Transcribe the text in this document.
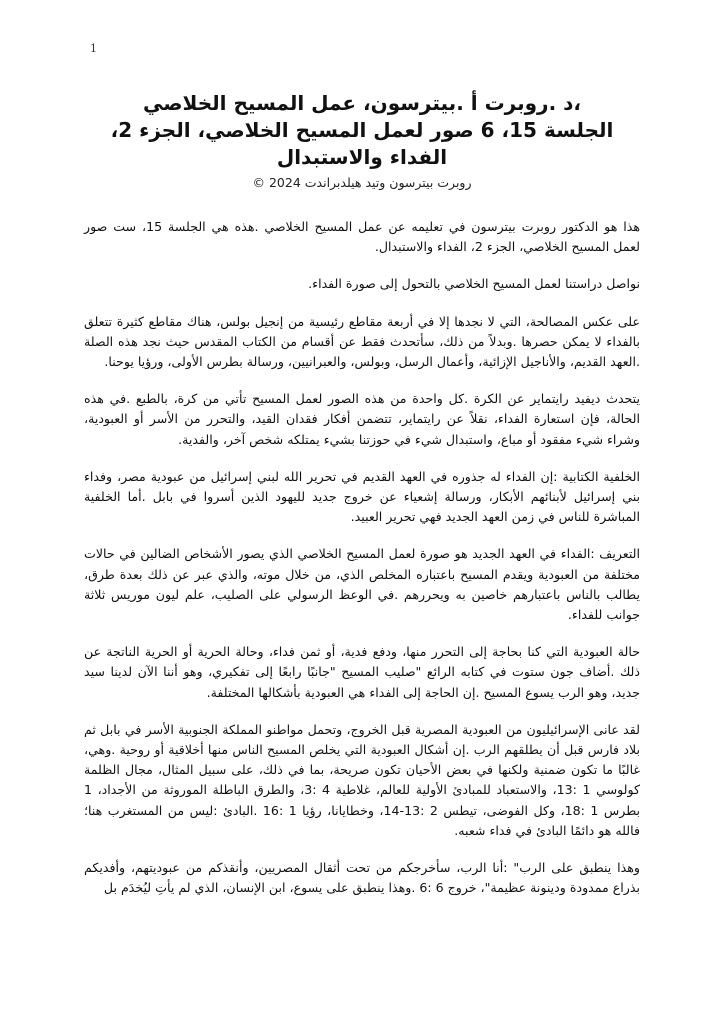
1
،د .روبرت أ .بيترسون، عمل المسيح الخلاصي
الجلسة 15، 6 صور لعمل المسيح الخلاصي، الجزء 2، الفداء والاستبدال
روبرت بيترسون وتيد هيلدبراندت 2024 ©

هذا هو الدكتور روبرت بيترسون في تعليمه عن عمل المسيح الخلاصي .هذه هي الجلسة 15، ست صور لعمل المسيح الخلاصي، الجزء 2، الفداء والاستبدال.

نواصل دراستنا لعمل المسيح الخلاصي بالتحول إلى صورة الفداء.

على عكس المصالحة، التي لا نجدها إلا في أربعة مقاطع رئيسية من إنجيل بولس، هناك مقاطع كثيرة تتعلق بالفداء لا يمكن حصرها .وبدلاً من ذلك، سأتحدث فقط عن أقسام من الكتاب المقدس حيث نجد هذه الصلة .العهد القديم، والأناجيل الإزائية، وأعمال الرسل، وبولس، والعبرانيين، ورسالة بطرس الأولى، ورؤيا يوحنا.

يتحدث ديفيد رايتماير عن الكرة .كل واحدة من هذه الصور لعمل المسيح تأتي من كرة، بالطبع .في هذه الحالة، فإن استعارة الفداء، نقلاً عن رايتماير، تتضمن أفكار فقدان القيد، والتحرر من الأسر أو العبودية، وشراء شيء مفقود أو مباع، واستبدال شيء في حوزتنا بشيء يمتلكه شخص آخر، والفدية.

الخلفية الكتابية :إن الفداء له جذوره في العهد القديم في تحرير الله لبني إسرائيل من عبودية مصر، وفداء بني إسرائيل لأبنائهم الأبكار، ورسالة إشعياء عن خروج جديد لليهود الذين أسروا في بابل .أما الخلفية المباشرة للناس في زمن العهد الجديد فهي تحرير العبيد.

التعريف :الفداء في العهد الجديد هو صورة لعمل المسيح الخلاصي الذي يصور الأشخاص الضالين في حالات مختلفة من العبودية ويقدم المسيح باعتباره المخلص الذي، من خلال موته، والذي عبر عن ذلك بعدة طرق، يطالب بالناس باعتبارهم خاصين به ويحررهم .في الوعظ الرسولي على الصليب، علم ليون موريس ثلاثة جوانب للفداء.

حالة العبودية التي كنا بحاجة إلى التحرر منها، ودفع فدية، أو ثمن فداء، وحالة الحرية أو الحرية الناتجة عن ذلك .أضاف جون ستوت في كتابه الرائع "صليب المسيح "جانبًا رابعًا إلى تفكيري، وهو أننا الآن لدينا سيد جديد، وهو الرب يسوع المسيح .إن الحاجة إلى الفداء هي العبودية بأشكالها المختلفة.

لقد عانى الإسرائيليون من العبودية المصرية قبل الخروج، وتحمل مواطنو المملكة الجنوبية الأسر في بابل ثم بلاد فارس قبل أن يطلقهم الرب .إن أشكال العبودية التي يخلص المسيح الناس منها أخلاقية أو روحية .وهي، غالبًا ما تكون ضمنية ولكنها في بعض الأحيان تكون صريحة، بما في ذلك، على سبيل المثال، مجال الظلمة كولوسي 1 :13، والاستعباد للمبادئ الأولية للعالم، غلاطية 4 :3، والطرق الباطلة الموروثة من الأجداد، 1 بطرس 1 :18، وكل الفوضى، تيطس 2 :13-14، وخطايانا، رؤيا 1 :16 .البادئ :ليس من المستغرب هنا؛ فالله هو دائمًا البادئ في فداء شعبه.

وهذا ينطبق على الرب" :أنا الرب، سأخرجكم من تحت أثقال المصريين، وأنقذكم من عبوديتهم، وأفديكم بذراع ممدودة ودينونة عظيمة"، خروج 6 :6 .وهذا ينطبق على يسوع، ابن الإنسان، الذي لم يأتِ ليُخدَم بل
